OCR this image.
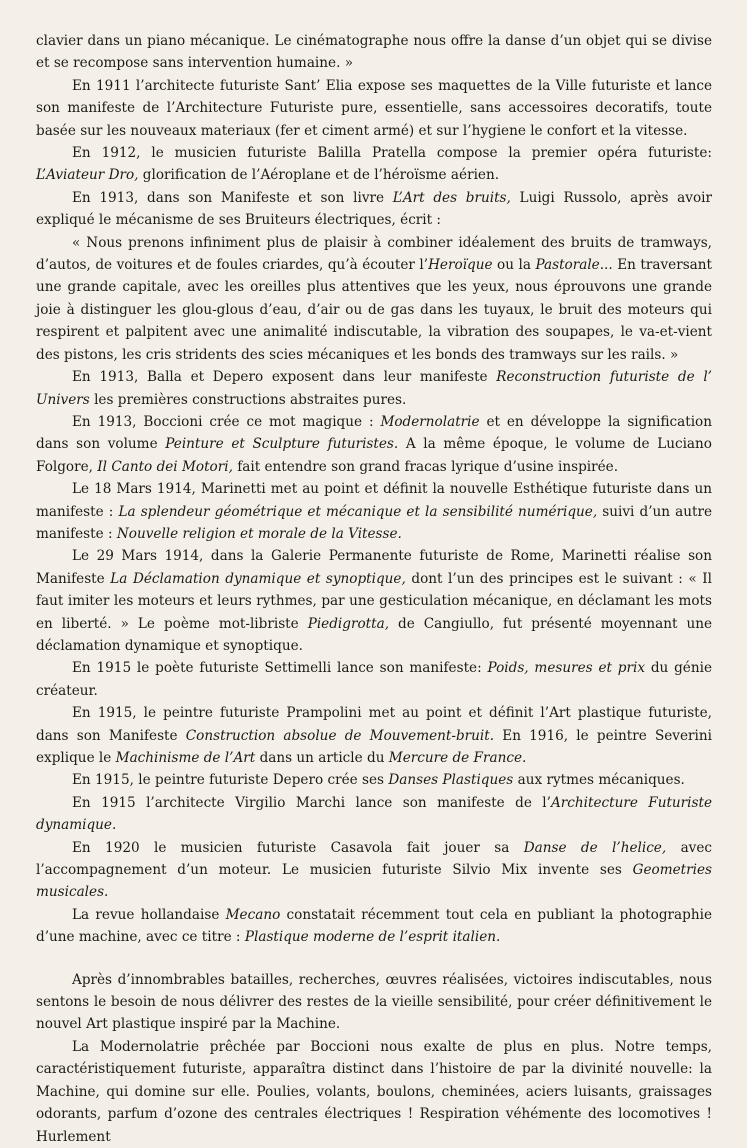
clavier dans un piano mécanique. Le cinématographe nous offre la danse d’un objet qui se divise et se recompose sans intervention humaine. »

En 1911 l’architecte futuriste Sant’ Elia expose ses maquettes de la Ville futuriste et lance son manifeste de l’Architecture Futuriste pure, essentielle, sans accessoires decoratifs, toute basée sur les nouveaux materiaux (fer et ciment armé) et sur l’hygiene le confort et la vitesse.

En 1912, le musicien futuriste Balilla Pratella compose la premier opéra futuriste: L’Aviateur Dro, glorification de l’Aéroplane et de l’héroïsme aérien.

En 1913, dans son Manifeste et son livre L’Art des bruits, Luigi Russolo, après avoir expliqué le mécanisme de ses Bruiteurs électriques, écrit :

« Nous prenons infiniment plus de plaisir à combiner idéalement des bruits de tramways, d’autos, de voitures et de foules criardes, qu’à écouter l’Heroïque ou la Pastorale... En traversant une grande capitale, avec les oreilles plus attentives que les yeux, nous éprouvons une grande joie à distinguer les glou-glous d’eau, d’air ou de gas dans les tuyaux, le bruit des moteurs qui respirent et palpitent avec une animalité indiscutable, la vibration des soupapes, le va-et-vient des pistons, les cris stridents des scies mécaniques et les bonds des tramways sur les rails. »

En 1913, Balla et Depero exposent dans leur manifeste Reconstruction futuriste de l’ Univers les premières constructions abstraites pures.

En 1913, Boccioni crée ce mot magique : Modernolatrie et en développe la signification dans son volume Peinture et Sculpture futuristes. A la même époque, le volume de Luciano Folgore, Il Canto dei Motori, fait entendre son grand fracas lyrique d’usine inspirée.

Le 18 Mars 1914, Marinetti met au point et définit la nouvelle Esthétique futuriste dans un manifeste : La splendeur géométrique et mécanique et la sensibilité numérique, suivi d’un autre manifeste : Nouvelle religion et morale de la Vitesse.

Le 29 Mars 1914, dans la Galerie Permanente futuriste de Rome, Marinetti réalise son Manifeste La Déclamation dynamique et synoptique, dont l’un des principes est le suivant : « Il faut imiter les moteurs et leurs rythmes, par une gesticulation mécanique, en déclamant les mots en liberté. » Le poème mot-libriste Piedigrotta, de Cangiullo, fut présenté moyennant une déclamation dynamique et synoptique.

En 1915 le poète futuriste Settimelli lance son manifeste: Poids, mesures et prix du génie créateur.

En 1915, le peintre futuriste Prampolini met au point et définit l’Art plastique futuriste, dans son Manifeste Construction absolue de Mouvement-bruit. En 1916, le peintre Severini explique le Machinisme de l’Art dans un article du Mercure de France.

En 1915, le peintre futuriste Depero crée ses Danses Plastiques aux rytmes mécaniques.

En 1915 l’architecte Virgilio Marchi lance son manifeste de l’Architecture Futuriste dynamique.

En 1920 le musicien futuriste Casavola fait jouer sa Danse de l’helice, avec l’accompagnement d’un moteur. Le musicien futuriste Silvio Mix invente ses Geometries musicales.

La revue hollandaise Mecano constatait récemment tout cela en publiant la photographie d’une machine, avec ce titre : Plastique moderne de l’esprit italien.

Après d’innombrables batailles, recherches, œuvres réalisées, victoires indiscutables, nous sentons le besoin de nous délivrer des restes de la vieille sensibilité, pour créer définitivement le nouvel Art plastique inspiré par la Machine.

La Modernolatrie prêchée par Boccioni nous exalte de plus en plus. Notre temps, caractéristiquement futuriste, apparaîtra distinct dans l’histoire de par la divinité nouvelle: la Machine, qui domine sur elle. Poulies, volants, boulons, cheminées, aciers luisants, graissages odorants, parfum d’ozone des centrales électriques ! Respiration véhémente des locomotives ! Hurlement
